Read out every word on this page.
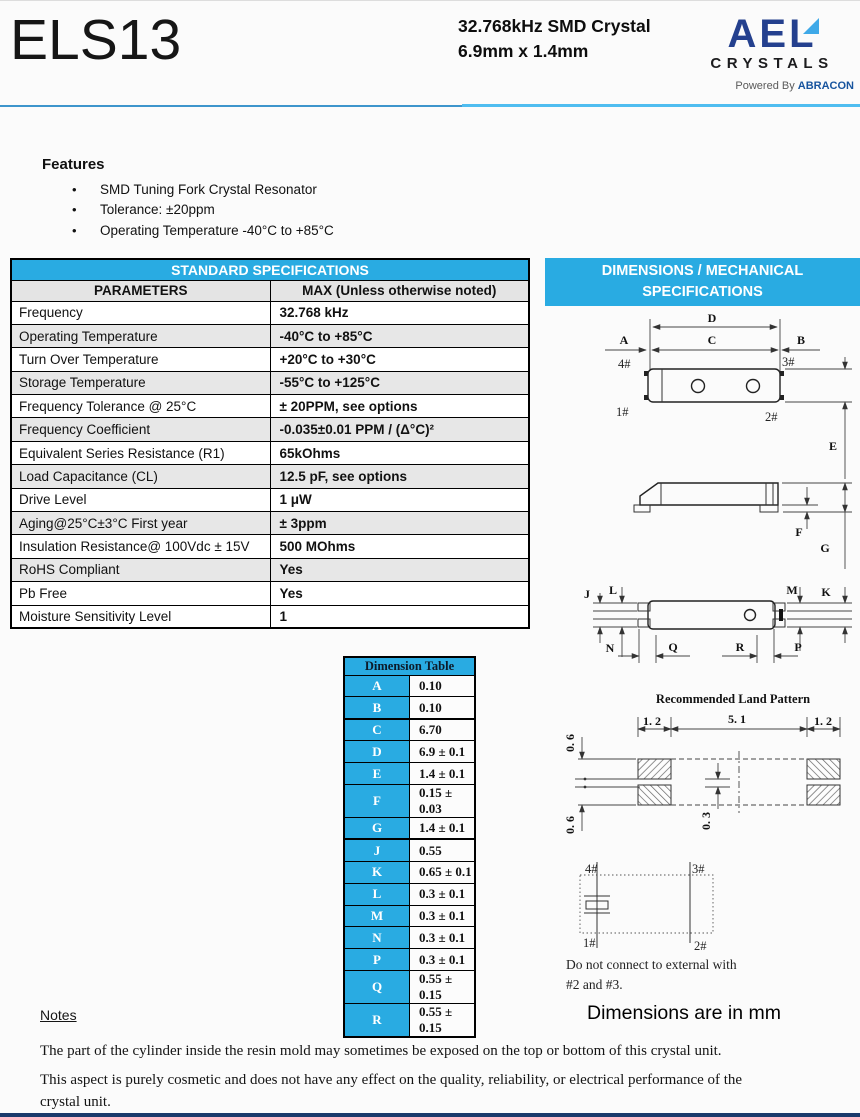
ELS13	32.768kHz SMD Crystal
6.9mm x 1.4mm	AEL
CRYSTALS
Powered By ABRACON
Features
• SMD Tuning Fork Crystal Resonator
• Tolerance: ±20ppm
• Operating Temperature -40°C to +85°C
STANDARD SPECIFICATIONS	
PARAMETERS	MAX (Unless otherwise noted)
Frequency	32.768 kHz
Operating Temperature	-40°C to +85°C
Turn Over Temperature	+20°C to +30°C
Storage Temperature	-55°C to +125°C
Frequency Tolerance @ 25°C	± 20PPM, see options
Frequency Coefficient	-0.035±0.01 PPM / (Δ°C)²
Equivalent Series Resistance (R1)	65kOhms
Load Capacitance (CL)	12.5 pF, see options
Drive Level	1 μW
Aging@25°C±3°C First year	± 3ppm
Insulation Resistance@ 100Vdc ± 15V	500 MOhms
RoHS Compliant	Yes
Pb Free	Yes
Moisture Sensitivity Level	1
DIMENSIONS / MECHANICAL
SPECIFICATIONS
D
A	C	B
4#	3#
1#	2#
E
F
G
J L
N
M K
P
Q	R
Recommended Land Pattern
1. 2	5. 1	1. 2
0. 6
0. 6	0. 3
4#	3#
1#	2#
Do not connect to external with
#2 and #3.
Dimensions are in mm
Dimension Table	
A	0.10
B	0.10
C	6.70
D	6.9 ± 0.1
E	1.4 ± 0.1
F	0.15 ± 0.03
G	1.4 ± 0.1
J	0.55
K	0.65 ± 0.1
L	0.3 ± 0.1
M	0.3 ± 0.1
N	0.3 ± 0.1
P	0.3 ± 0.1
Q	0.55 ± 0.15
R	0.55 ± 0.15
Notes
The part of the cylinder inside the resin mold may sometimes be exposed on the top or bottom of this crystal unit.
This aspect is purely cosmetic and does not have any effect on the quality, reliability, or electrical performance of the crystal unit.
